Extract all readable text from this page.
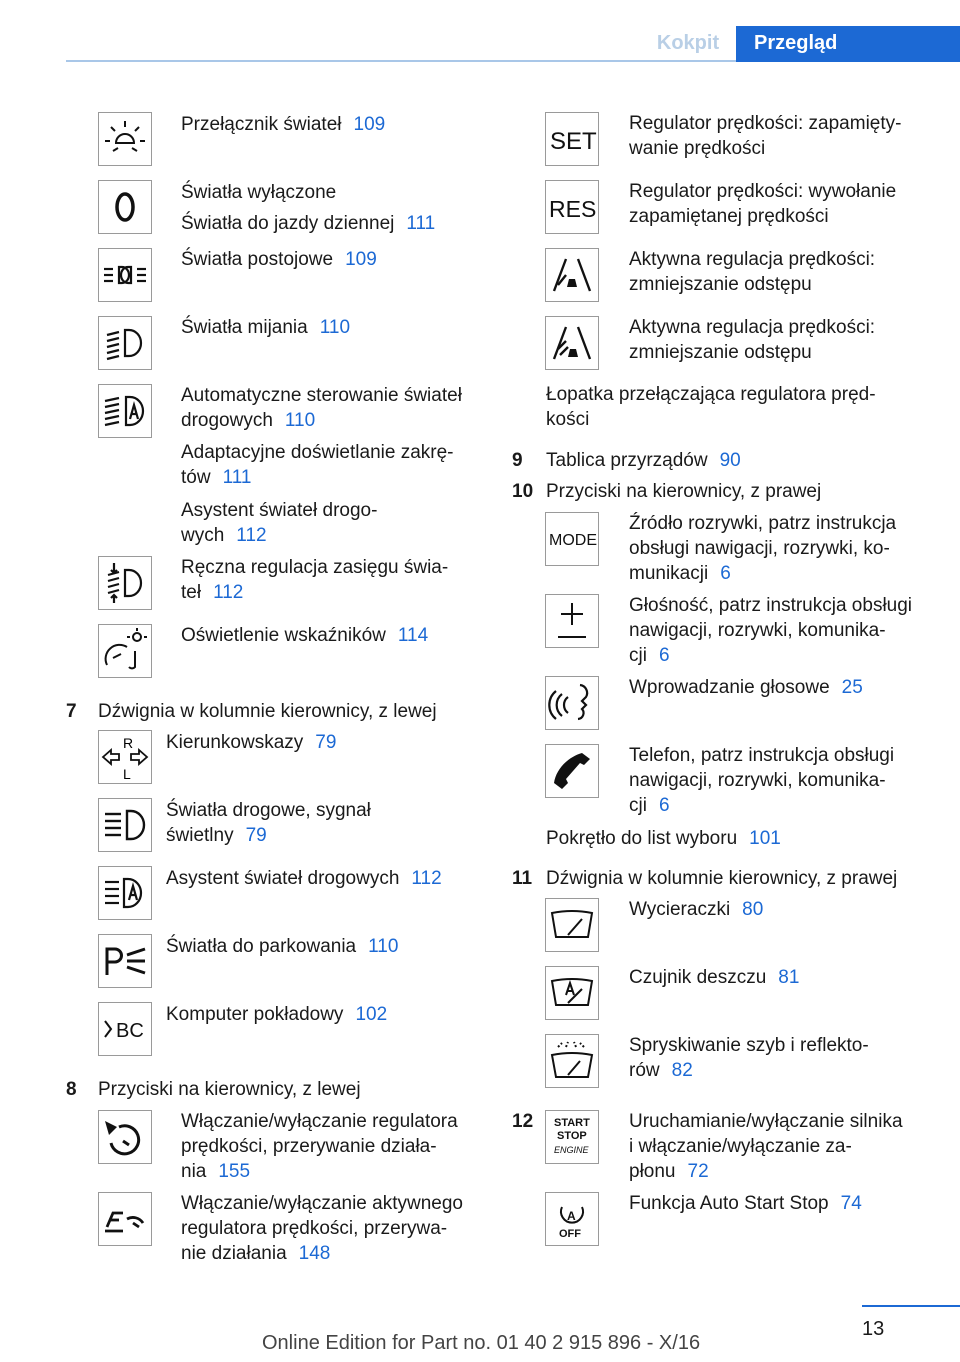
Kokpit	Przegląd
Przełącznik świateł 109
Światła wyłączone
Światła do jazdy dziennej 111
Światła postojowe 109
Światła mijania 110
Automatyczne sterowanie świateł
drogowych 110
Adaptacyjne doświetlanie zakrę-
tów 111
Asystent świateł drogo-
wych 112
Ręczna regulacja zasięgu świa-
teł 112
Oświetlenie wskaźników 114
7 Dźwignia w kolumnie kierownicy, z lewej
R
L
Kierunkowskazy 79
Światła drogowe, sygnał
świetlny 79
Asystent świateł drogowych 112
Światła do parkowania 110
BC
Komputer pokładowy 102
8 Przyciski na kierownicy, z lewej
Włączanie/wyłączanie regulatora
prędkości, przerywanie działa-
nia 155
Włączanie/wyłączanie aktywnego
regulatora prędkości, przerywa-
nie działania 148
SET
Regulator prędkości: zapamięty-
wanie prędkości
RES
Regulator prędkości: wywołanie
zapamiętanej prędkości
Aktywna regulacja prędkości:
zmniejszanie odstępu
Aktywna regulacja prędkości:
zmniejszanie odstępu
Łopatka przełączająca regulatora pręd-
kości
9 Tablica przyrządów 90
10 Przyciski na kierownicy, z prawej
MODE
Źródło rozrywki, patrz instrukcja
obsługi nawigacji, rozrywki, ko-
munikacji 6
Głośność, patrz instrukcja obsługi
nawigacji, rozrywki, komunika-
cji 6
Wprowadzanie głosowe 25
Telefon, patrz instrukcja obsługi
nawigacji, rozrywki, komunika-
cji 6
Pokrętło do list wyboru 101
11 Dźwignia w kolumnie kierownicy, z prawej
Wycieraczki 80
Czujnik deszczu 81
Spryskiwanie szyb i reflekto-
rów 82
12 START
STOP
ENGINE
Uruchamianie/wyłączanie silnika
i włączanie/wyłączanie za-
płonu 72
A
OFF
Funkcja Auto Start Stop 74
13
Online Edition for Part no. 01 40 2 915 896 - X/16
